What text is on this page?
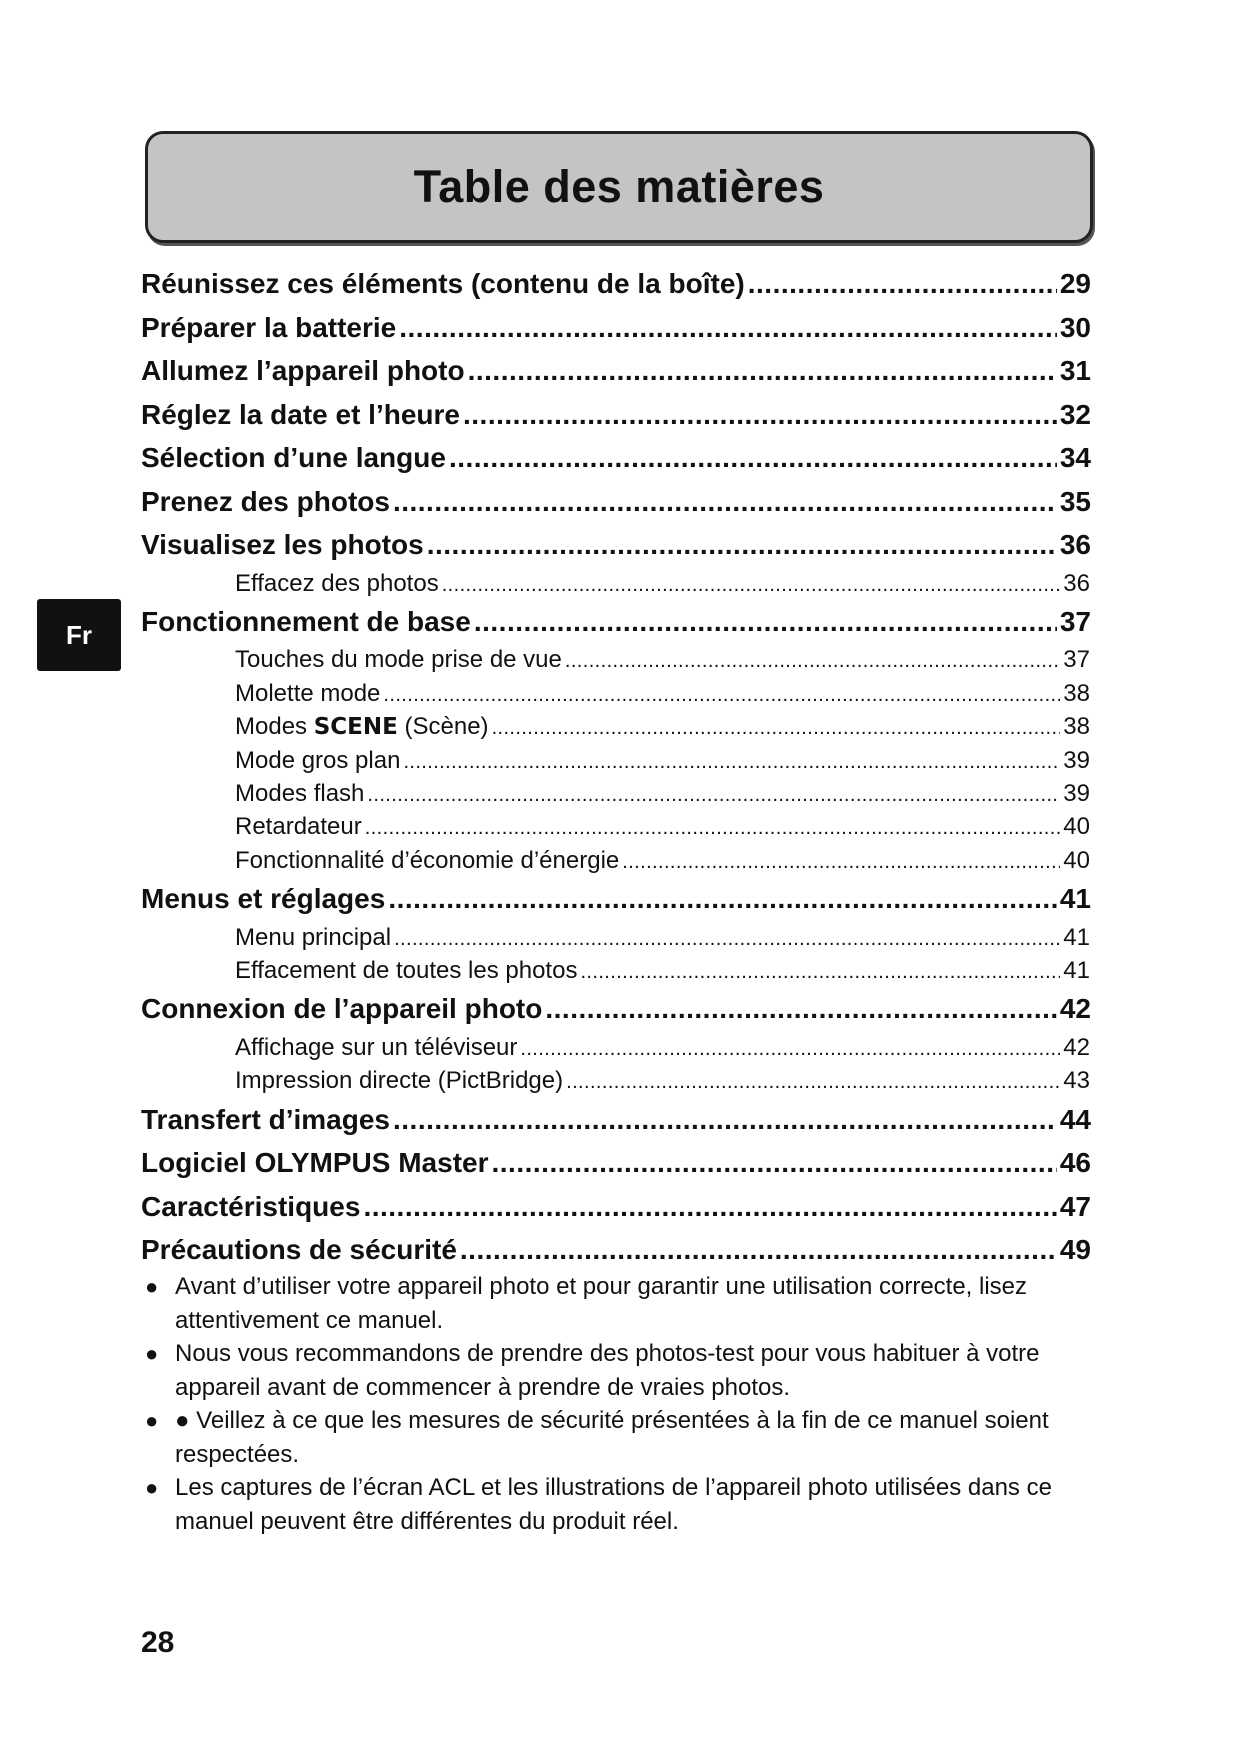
Table des matières
Fr
Réunissez ces éléments (contenu de la boîte) .....	29
Préparer la batterie .....	30
Allumez l’appareil photo .....	31
Réglez la date et l’heure .....	32
Sélection d’une langue .....	34
Prenez des photos .....	35
Visualisez les photos .....	36
Effacez des photos .....	36
Fonctionnement de base .....	37
Touches du mode prise de vue .....	37
Molette mode .....	38
Modes SCENE (Scène) .....	38
Mode gros plan .....	39
Modes flash .....	39
Retardateur .....	40
Fonctionnalité d’économie d’énergie .....	40
Menus et réglages .....	41
Menu principal .....	41
Effacement de toutes les photos .....	41
Connexion de l’appareil photo .....	42
Affichage sur un téléviseur .....	42
Impression directe (PictBridge) .....	43
Transfert d’images .....	44
Logiciel OLYMPUS Master .....	46
Caractéristiques .....	47
Précautions de sécurité .....	49
● Avant d’utiliser votre appareil photo et pour garantir une utilisation correcte, lisez attentivement ce manuel.
● Nous vous recommandons de prendre des photos-test pour vous habituer à votre appareil avant de commencer à prendre de vraies photos.
● ● Veillez à ce que les mesures de sécurité présentées à la fin de ce manuel soient respectées.
● Les captures de l’écran ACL et les illustrations de l’appareil photo utilisées dans ce manuel peuvent être différentes du produit réel.
28
